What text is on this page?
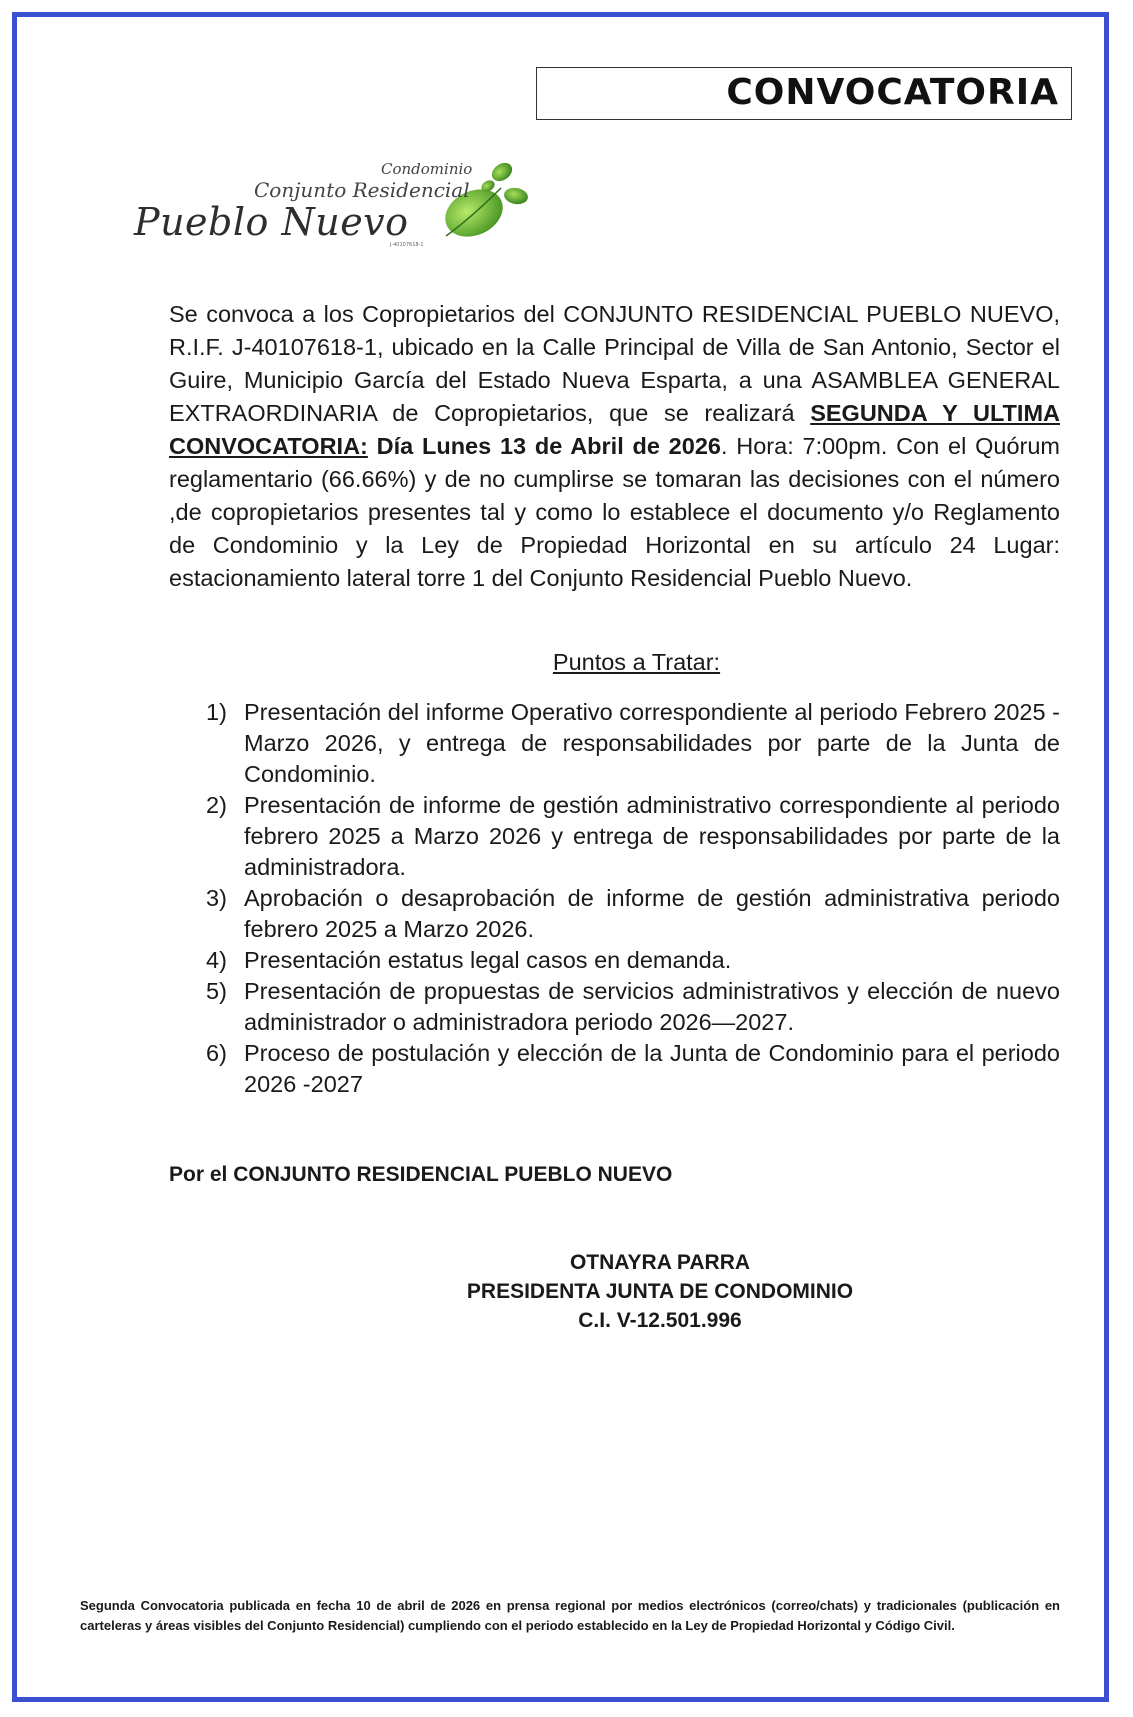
CONVOCATORIA
Condominio
Conjunto Residencial
Pueblo Nuevo
J-40107618-1
Se convoca a los Copropietarios del CONJUNTO RESIDENCIAL PUEBLO NUEVO, R.I.F. J-40107618-1, ubicado en la Calle Principal de Villa de San Antonio, Sector el Guire, Municipio García del Estado Nueva Esparta, a una ASAMBLEA GENERAL EXTRAORDINARIA de Copropietarios, que se realizará SEGUNDA Y ULTIMA CONVOCATORIA: Día Lunes 13 de Abril de 2026. Hora: 7:00pm. Con el Quórum reglamentario (66.66%) y de no cumplirse se tomaran las decisiones con el número ,de copropietarios presentes tal y como lo establece el documento y/o Reglamento de Condominio y la Ley de Propiedad Horizontal en su artículo 24 Lugar: estacionamiento lateral torre 1 del Conjunto Residencial Pueblo Nuevo.
Puntos a Tratar:
1) Presentación del informe Operativo correspondiente al periodo Febrero 2025 - Marzo 2026, y entrega de responsabilidades por parte de la Junta de Condominio.
2) Presentación de informe de gestión administrativo correspondiente al periodo febrero 2025 a Marzo 2026 y entrega de responsabilidades por parte de la administradora.
3) Aprobación o desaprobación de informe de gestión administrativa periodo febrero 2025 a Marzo 2026.
4) Presentación estatus legal casos en demanda.
5) Presentación de propuestas de servicios administrativos y elección de nuevo administrador o administradora periodo 2026—2027.
6) Proceso de postulación y elección de la Junta de Condominio para el periodo 2026 -2027
Por el CONJUNTO RESIDENCIAL PUEBLO NUEVO
OTNAYRA PARRA
PRESIDENTA JUNTA DE CONDOMINIO
C.I. V-12.501.996
Segunda Convocatoria publicada en fecha 10 de abril de 2026 en prensa regional por medios electrónicos (correo/chats) y tradicionales (publicación en carteleras y áreas visibles del Conjunto Residencial) cumpliendo con el periodo establecido en la Ley de Propiedad Horizontal y Código Civil.
